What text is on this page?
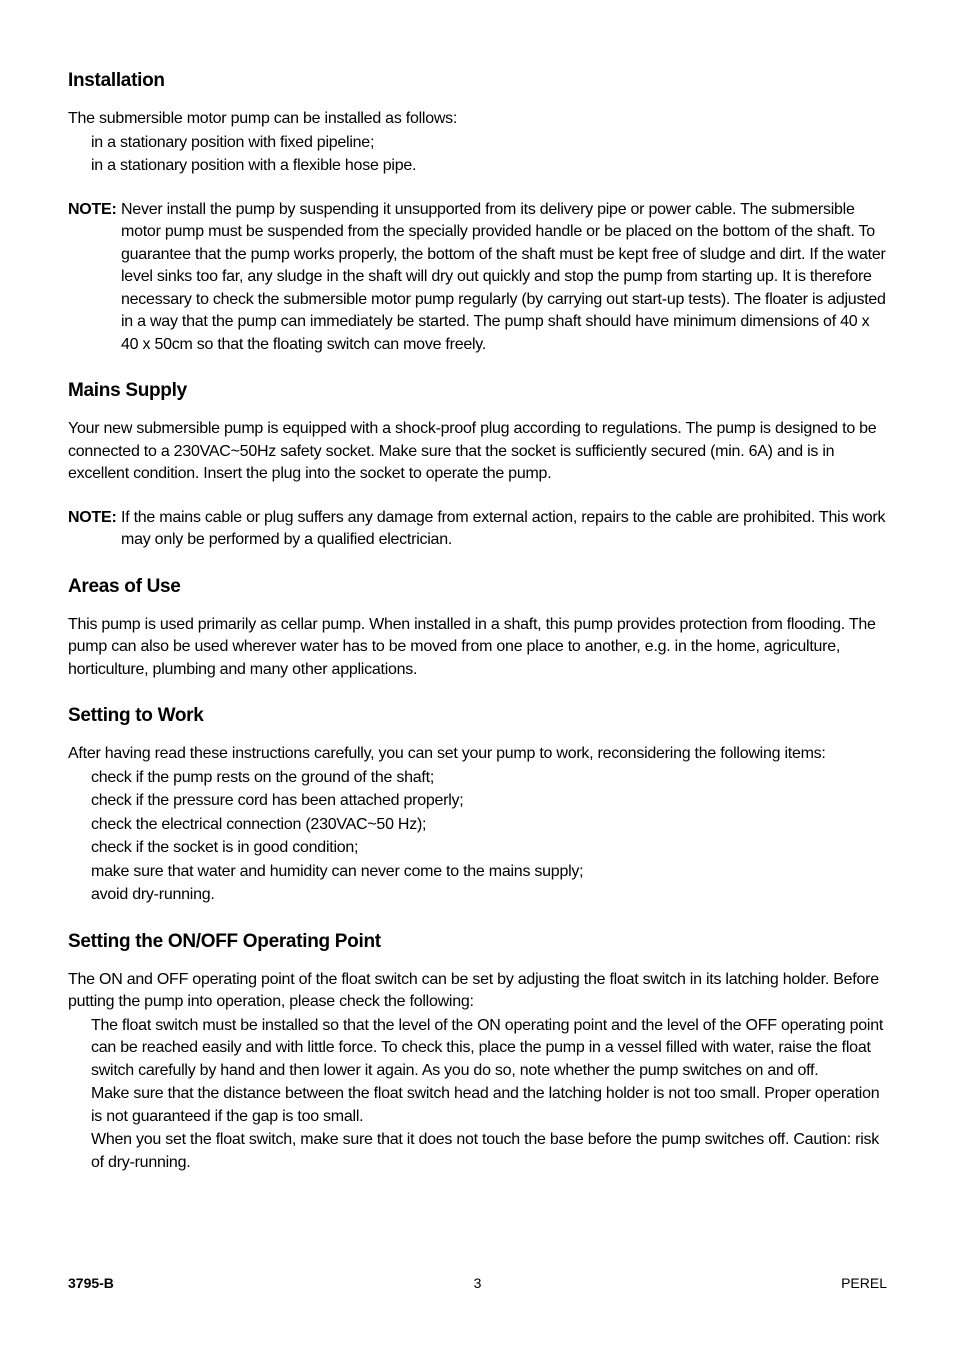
Installation

The submersible motor pump can be installed as follows:

in a stationary position with fixed pipeline;

in a stationary position with a flexible hose pipe.

NOTE: Never install the pump by suspending it unsupported from its delivery pipe or power cable. The submersible motor pump must be suspended from the specially provided handle or be placed on the bottom of the shaft. To guarantee that the pump works properly, the bottom of the shaft must be kept free of sludge and dirt. If the water level sinks too far, any sludge in the shaft will dry out quickly and stop the pump from starting up. It is therefore necessary to check the submersible motor pump regularly (by carrying out start-up tests). The floater is adjusted in a way that the pump can immediately be started. The pump shaft should have minimum dimensions of 40 x 40 x 50cm so that the floating switch can move freely.

Mains Supply

Your new submersible pump is equipped with a shock-proof plug according to regulations. The pump is designed to be connected to a 230VAC~50Hz safety socket. Make sure that the socket is sufficiently secured (min. 6A) and is in excellent condition. Insert the plug into the socket to operate the pump.

NOTE: If the mains cable or plug suffers any damage from external action, repairs to the cable are prohibited. This work may only be performed by a qualified electrician.

Areas of Use

This pump is used primarily as cellar pump. When installed in a shaft, this pump provides protection from flooding. The pump can also be used wherever water has to be moved from one place to another, e.g. in the home, agriculture, horticulture, plumbing and many other applications.

Setting to Work

After having read these instructions carefully, you can set your pump to work, reconsidering the following items:

check if the pump rests on the ground of the shaft;

check if the pressure cord has been attached properly;

check the electrical connection (230VAC~50 Hz);

check if the socket is in good condition;

make sure that water and humidity can never come to the mains supply;

avoid dry-running.

Setting the ON/OFF Operating Point

The ON and OFF operating point of the float switch can be set by adjusting the float switch in its latching holder. Before putting the pump into operation, please check the following:

The float switch must be installed so that the level of the ON operating point and the level of the OFF operating point can be reached easily and with little force. To check this, place the pump in a vessel filled with water, raise the float switch carefully by hand and then lower it again. As you do so, note whether the pump switches on and off.

Make sure that the distance between the float switch head and the latching holder is not too small. Proper operation is not guaranteed if the gap is too small.

When you set the float switch, make sure that it does not touch the base before the pump switches off. Caution: risk of dry-running.

3795-B	3	PEREL
